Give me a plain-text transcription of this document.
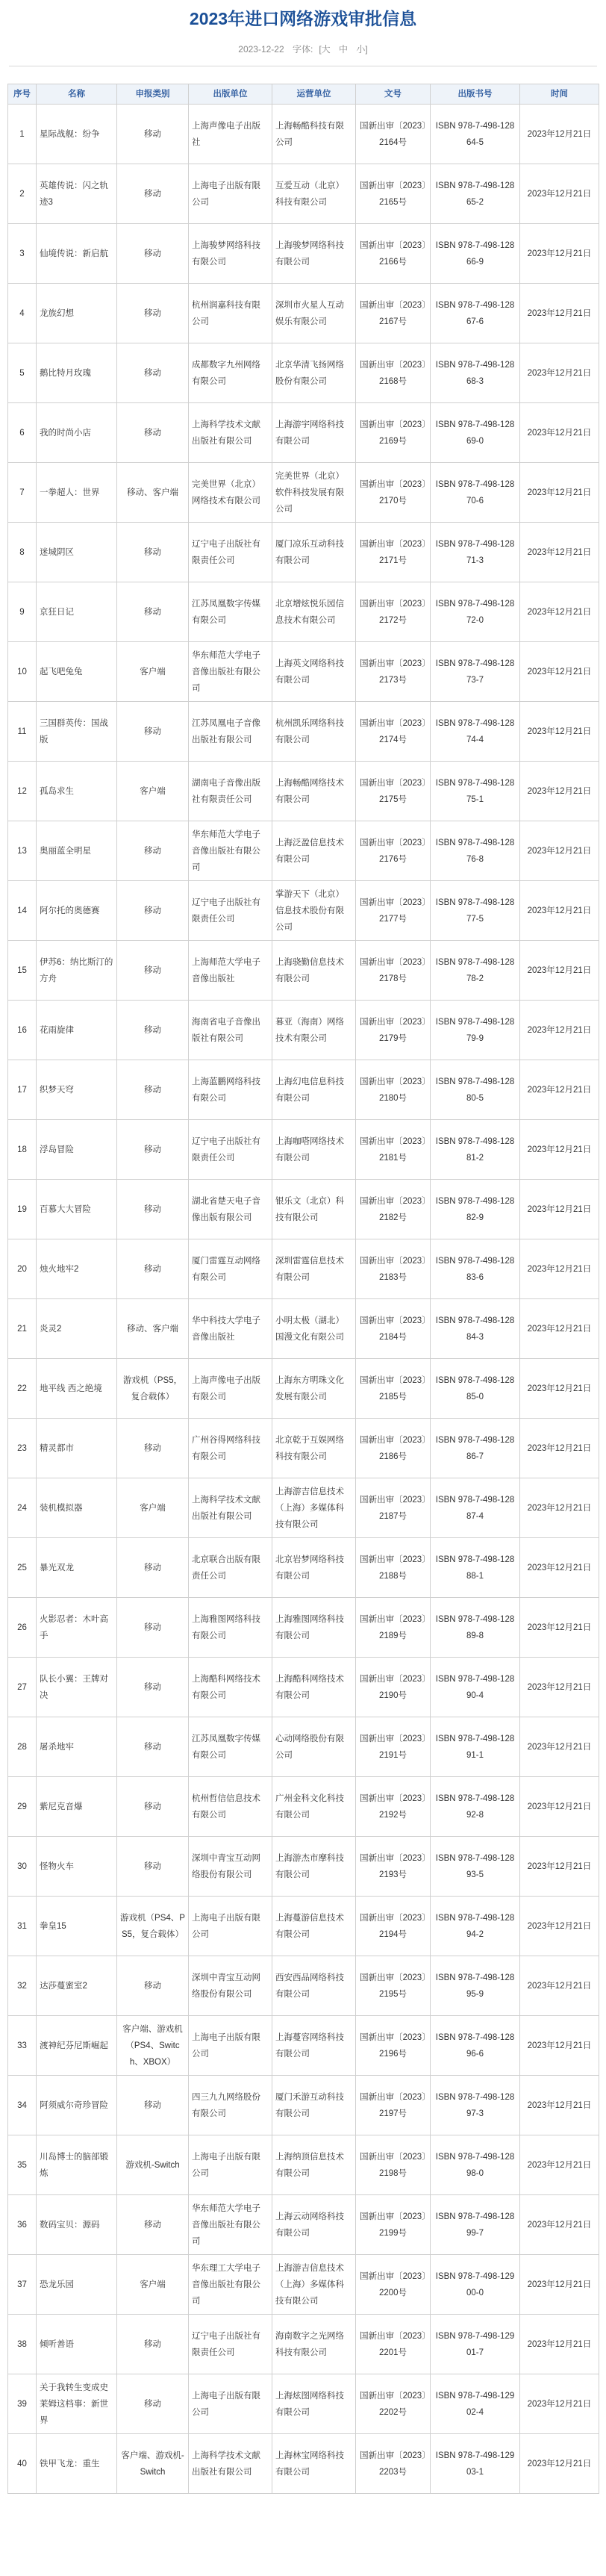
2023年进口网络游戏审批信息
2023-12-22 字体: [大 中 小]
序号	名称	申报类别	出版单位	运营单位	文号	出版书号	时间
1	星际战舰：纷争	移动	上海声像电子出版社	上海畅酷科技有限公司	国新出审〔2023〕2164号	ISBN 978-7-498-12864-5	2023年12月21日
2	英雄传说：闪之轨迹3	移动	上海电子出版有限公司	互爱互动（北京）科技有限公司	国新出审〔2023〕2165号	ISBN 978-7-498-12865-2	2023年12月21日
3	仙境传说：新启航	移动	上海骏梦网络科技有限公司	上海骏梦网络科技有限公司	国新出审〔2023〕2166号	ISBN 978-7-498-12866-9	2023年12月21日
4	龙族幻想	移动	杭州润嘉科技有限公司	深圳市火星人互动娱乐有限公司	国新出审〔2023〕2167号	ISBN 978-7-498-12867-6	2023年12月21日
5	鹅比特月玫瑰	移动	成都数字九州网络有限公司	北京华清飞扬网络股份有限公司	国新出审〔2023〕2168号	ISBN 978-7-498-12868-3	2023年12月21日
6	我的时尚小店	移动	上海科学技术文献出版社有限公司	上海游宇网络科技有限公司	国新出审〔2023〕2169号	ISBN 978-7-498-12869-0	2023年12月21日
7	一拳超人：世界	移动、客户端	完美世界（北京）网络技术有限公司	完美世界（北京）软件科技发展有限公司	国新出审〔2023〕2170号	ISBN 978-7-498-12870-6	2023年12月21日
8	迷城阴区	移动	辽宁电子出版社有限责任公司	厦门凉乐互动科技有限公司	国新出审〔2023〕2171号	ISBN 978-7-498-12871-3	2023年12月21日
9	京狂日记	移动	江苏凤凰数字传媒有限公司	北京增炫悦乐园信息技术有限公司	国新出审〔2023〕2172号	ISBN 978-7-498-12872-0	2023年12月21日
10	起飞吧兔兔	客户端	华东师范大学电子音像出版社有限公司	上海英文网络科技有限公司	国新出审〔2023〕2173号	ISBN 978-7-498-12873-7	2023年12月21日
11	三国群英传：国战版	移动	江苏凤凰电子音像出版社有限公司	杭州凯乐网络科技有限公司	国新出审〔2023〕2174号	ISBN 978-7-498-12874-4	2023年12月21日
12	孤岛求生	客户端	湖南电子音像出版社有限责任公司	上海畅酷网络技术有限公司	国新出审〔2023〕2175号	ISBN 978-7-498-12875-1	2023年12月21日
13	奥丽蓝全明星	移动	华东师范大学电子音像出版社有限公司	上海泛盈信息技术有限公司	国新出审〔2023〕2176号	ISBN 978-7-498-12876-8	2023年12月21日
14	阿尔托的奥德赛	移动	辽宁电子出版社有限责任公司	掌游天下（北京）信息技术股份有限公司	国新出审〔2023〕2177号	ISBN 978-7-498-12877-5	2023年12月21日
15	伊苏6：纳比斯汀的方舟	移动	上海师范大学电子音像出版社	上海骁勤信息技术有限公司	国新出审〔2023〕2178号	ISBN 978-7-498-12878-2	2023年12月21日
16	花雨旋律	移动	海南省电子音像出版社有限公司	暮亚（海南）网络技术有限公司	国新出审〔2023〕2179号	ISBN 978-7-498-12879-9	2023年12月21日
17	织梦天穹	移动	上海蓝鹏网络科技有限公司	上海幻电信息科技有限公司	国新出审〔2023〕2180号	ISBN 978-7-498-12880-5	2023年12月21日
18	浮岛冒险	移动	辽宁电子出版社有限责任公司	上海咖嗒网络技术有限公司	国新出审〔2023〕2181号	ISBN 978-7-498-12881-2	2023年12月21日
19	百慕大大冒险	移动	湖北省楚天电子音像出版有限公司	银乐文（北京）科技有限公司	国新出审〔2023〕2182号	ISBN 978-7-498-12882-9	2023年12月21日
20	烛火地牢2	移动	厦门雷霆互动网络有限公司	深圳雷霆信息技术有限公司	国新出审〔2023〕2183号	ISBN 978-7-498-12883-6	2023年12月21日
21	炎灵2	移动、客户端	华中科技大学电子音像出版社	小明太极（湖北）国漫文化有限公司	国新出审〔2023〕2184号	ISBN 978-7-498-12884-3	2023年12月21日
22	地平线 西之绝境	游戏机（PS5，复合载体）	上海声像电子出版有限公司	上海东方明珠文化发展有限公司	国新出审〔2023〕2185号	ISBN 978-7-498-12885-0	2023年12月21日
23	精灵都市	移动	广州谷得网络科技有限公司	北京乾于互娱网络科技有限公司	国新出审〔2023〕2186号	ISBN 978-7-498-12886-7	2023年12月21日
24	装机模拟器	客户端	上海科学技术文献出版社有限公司	上海游吉信息技术（上海）多媒体科技有限公司	国新出审〔2023〕2187号	ISBN 978-7-498-12887-4	2023年12月21日
25	暴光双龙	移动	北京联合出版有限责任公司	北京岩梦网络科技有限公司	国新出审〔2023〕2188号	ISBN 978-7-498-12888-1	2023年12月21日
26	火影忍者：木叶高手	移动	上海雅图网络科技有限公司	上海雅图网络科技有限公司	国新出审〔2023〕2189号	ISBN 978-7-498-12889-8	2023年12月21日
27	队长小翼：王牌对决	移动	上海酷科网络技术有限公司	上海酷科网络技术有限公司	国新出审〔2023〕2190号	ISBN 978-7-498-12890-4	2023年12月21日
28	屠杀地牢	移动	江苏凤凰数字传媒有限公司	心动网络股份有限公司	国新出审〔2023〕2191号	ISBN 978-7-498-12891-1	2023年12月21日
29	紫尼克音爆	移动	杭州哲信信息技术有限公司	广州金科文化科技有限公司	国新出审〔2023〕2192号	ISBN 978-7-498-12892-8	2023年12月21日
30	怪物火车	移动	深圳中青宝互动网络股份有限公司	上海游杰市摩科技有限公司	国新出审〔2023〕2193号	ISBN 978-7-498-12893-5	2023年12月21日
31	拳皇15	游戏机（PS4、PS5，复合载体）	上海电子出版有限公司	上海蔓游信息技术有限公司	国新出审〔2023〕2194号	ISBN 978-7-498-12894-2	2023年12月21日
32	达莎蔓蜜室2	移动	深圳中青宝互动网络股份有限公司	西安西品网络科技有限公司	国新出审〔2023〕2195号	ISBN 978-7-498-12895-9	2023年12月21日
33	渡神纪芬尼斯崛起	客户端、游戏机（PS4、Switch、XBOX）	上海电子出版有限公司	上海蔓容网络科技有限公司	国新出审〔2023〕2196号	ISBN 978-7-498-12896-6	2023年12月21日
34	阿须威尔奇珍冒险	移动	四三九九网络股份有限公司	厦门禾游互动科技有限公司	国新出审〔2023〕2197号	ISBN 978-7-498-12897-3	2023年12月21日
35	川岛博士的脑部锻炼	游戏机-Switch	上海电子出版有限公司	上海纳顶信息技术有限公司	国新出审〔2023〕2198号	ISBN 978-7-498-12898-0	2023年12月21日
36	数码宝贝：源码	移动	华东师范大学电子音像出版社有限公司	上海云动网络科技有限公司	国新出审〔2023〕2199号	ISBN 978-7-498-12899-7	2023年12月21日
37	恐龙乐园	客户端	华东理工大学电子音像出版社有限公司	上海游吉信息技术（上海）多媒体科技有限公司	国新出审〔2023〕2200号	ISBN 978-7-498-12900-0	2023年12月21日
38	倾听善语	移动	辽宁电子出版社有限责任公司	海南数字之光网络科技有限公司	国新出审〔2023〕2201号	ISBN 978-7-498-12901-7	2023年12月21日
39	关于我转生变成史莱姆这档事：新世界	移动	上海电子出版有限公司	上海炫图网络科技有限公司	国新出审〔2023〕2202号	ISBN 978-7-498-12902-4	2023年12月21日
40	铁甲飞龙：重生	客户端、游戏机-Switch	上海科学技术文献出版社有限公司	上海林宝网络科技有限公司	国新出审〔2023〕2203号	ISBN 978-7-498-12903-1	2023年12月21日
